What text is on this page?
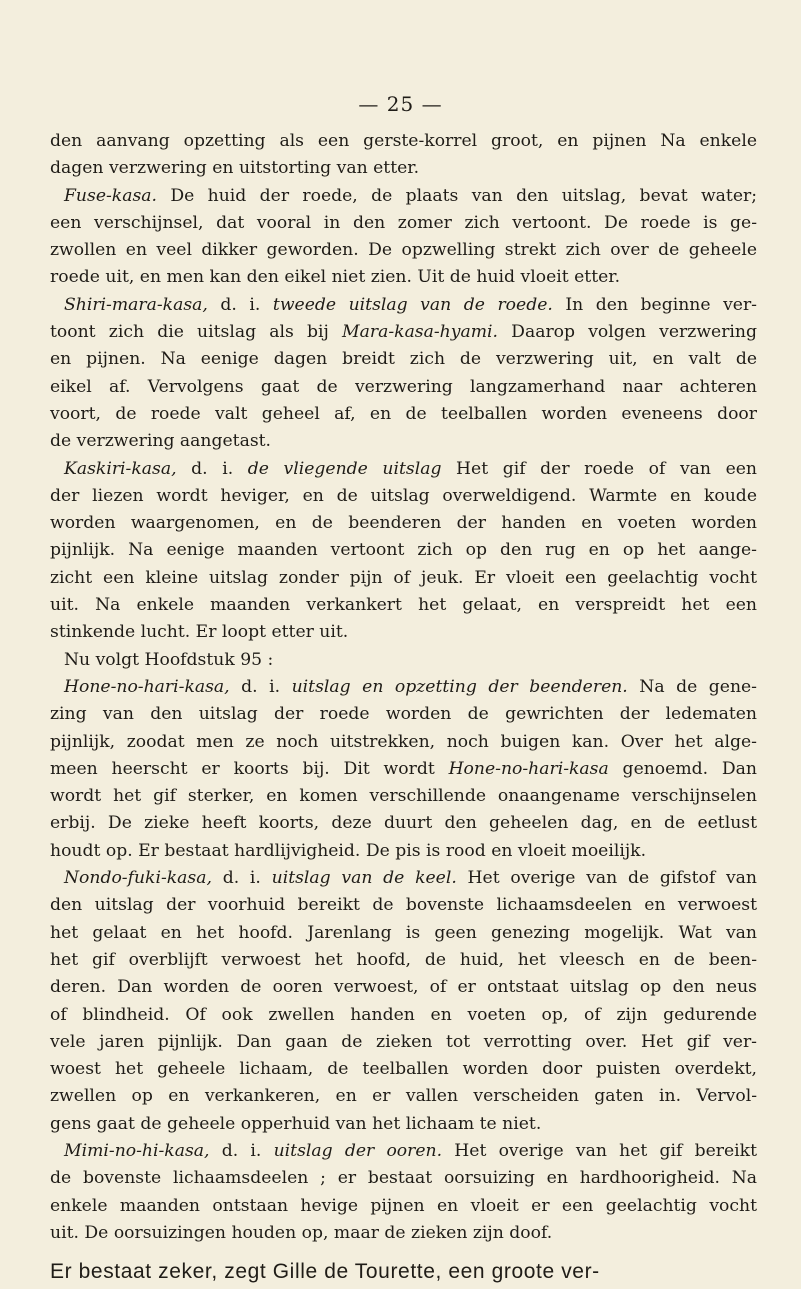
— 25 —
den aanvang opzetting als een gerste-korrel groot, en pijnen Na enkele
dagen verzwering en uitstorting van etter.
Fuse-kasa. De huid der roede, de plaats van den uitslag, bevat water;
een verschijnsel, dat vooral in den zomer zich vertoont. De roede is ge-
zwollen en veel dikker geworden. De opzwelling strekt zich over de geheele
roede uit, en men kan den eikel niet zien. Uit de huid vloeit etter.
Shiri-mara-kasa, d. i. tweede uitslag van de roede. In den beginne ver-
toont zich die uitslag als bij Mara-kasa-hyami. Daarop volgen verzwering
en pijnen. Na eenige dagen breidt zich de verzwering uit, en valt de
eikel af. Vervolgens gaat de verzwering langzamerhand naar achteren
voort, de roede valt geheel af, en de teelballen worden eveneens door
de verzwering aangetast.
Kaskiri-kasa, d. i. de vliegende uitslag Het gif der roede of van een
der liezen wordt heviger, en de uitslag overweldigend. Warmte en koude
worden waargenomen, en de beenderen der handen en voeten worden
pijnlijk. Na eenige maanden vertoont zich op den rug en op het aange-
zicht een kleine uitslag zonder pijn of jeuk. Er vloeit een geelachtig vocht
uit. Na enkele maanden verkankert het gelaat, en verspreidt het een
stinkende lucht. Er loopt etter uit.
Nu volgt Hoofdstuk 95 :
Hone-no-hari-kasa, d. i. uitslag en opzetting der beenderen. Na de gene-
zing van den uitslag der roede worden de gewrichten der ledematen
pijnlijk, zoodat men ze noch uitstrekken, noch buigen kan. Over het alge-
meen heerscht er koorts bij. Dit wordt Hone-no-hari-kasa genoemd. Dan
wordt het gif sterker, en komen verschillende onaangename verschijnselen
erbij. De zieke heeft koorts, deze duurt den geheelen dag, en de eetlust
houdt op. Er bestaat hardlijvigheid. De pis is rood en vloeit moeilijk.
Nondo-fuki-kasa, d. i. uitslag van de keel. Het overige van de gifstof van
den uitslag der voorhuid bereikt de bovenste lichaamsdeelen en verwoest
het gelaat en het hoofd. Jarenlang is geen genezing mogelijk. Wat van
het gif overblijft verwoest het hoofd, de huid, het vleesch en de been-
deren. Dan worden de ooren verwoest, of er ontstaat uitslag op den neus
of blindheid. Of ook zwellen handen en voeten op, of zijn gedurende
vele jaren pijnlijk. Dan gaan de zieken tot verrotting over. Het gif ver-
woest het geheele lichaam, de teelballen worden door puisten overdekt,
zwellen op en verkankeren, en er vallen verscheiden gaten in. Vervol-
gens gaat de geheele opperhuid van het lichaam te niet.
Mimi-no-hi-kasa, d. i. uitslag der ooren. Het overige van het gif bereikt
de bovenste lichaamsdeelen ; er bestaat oorsuizing en hardhoorigheid. Na
enkele maanden ontstaan hevige pijnen en vloeit er een geelachtig vocht
uit. De oorsuizingen houden op, maar de zieken zijn doof.
Er bestaat zeker, zegt Gille de Tourette, een groote ver-
